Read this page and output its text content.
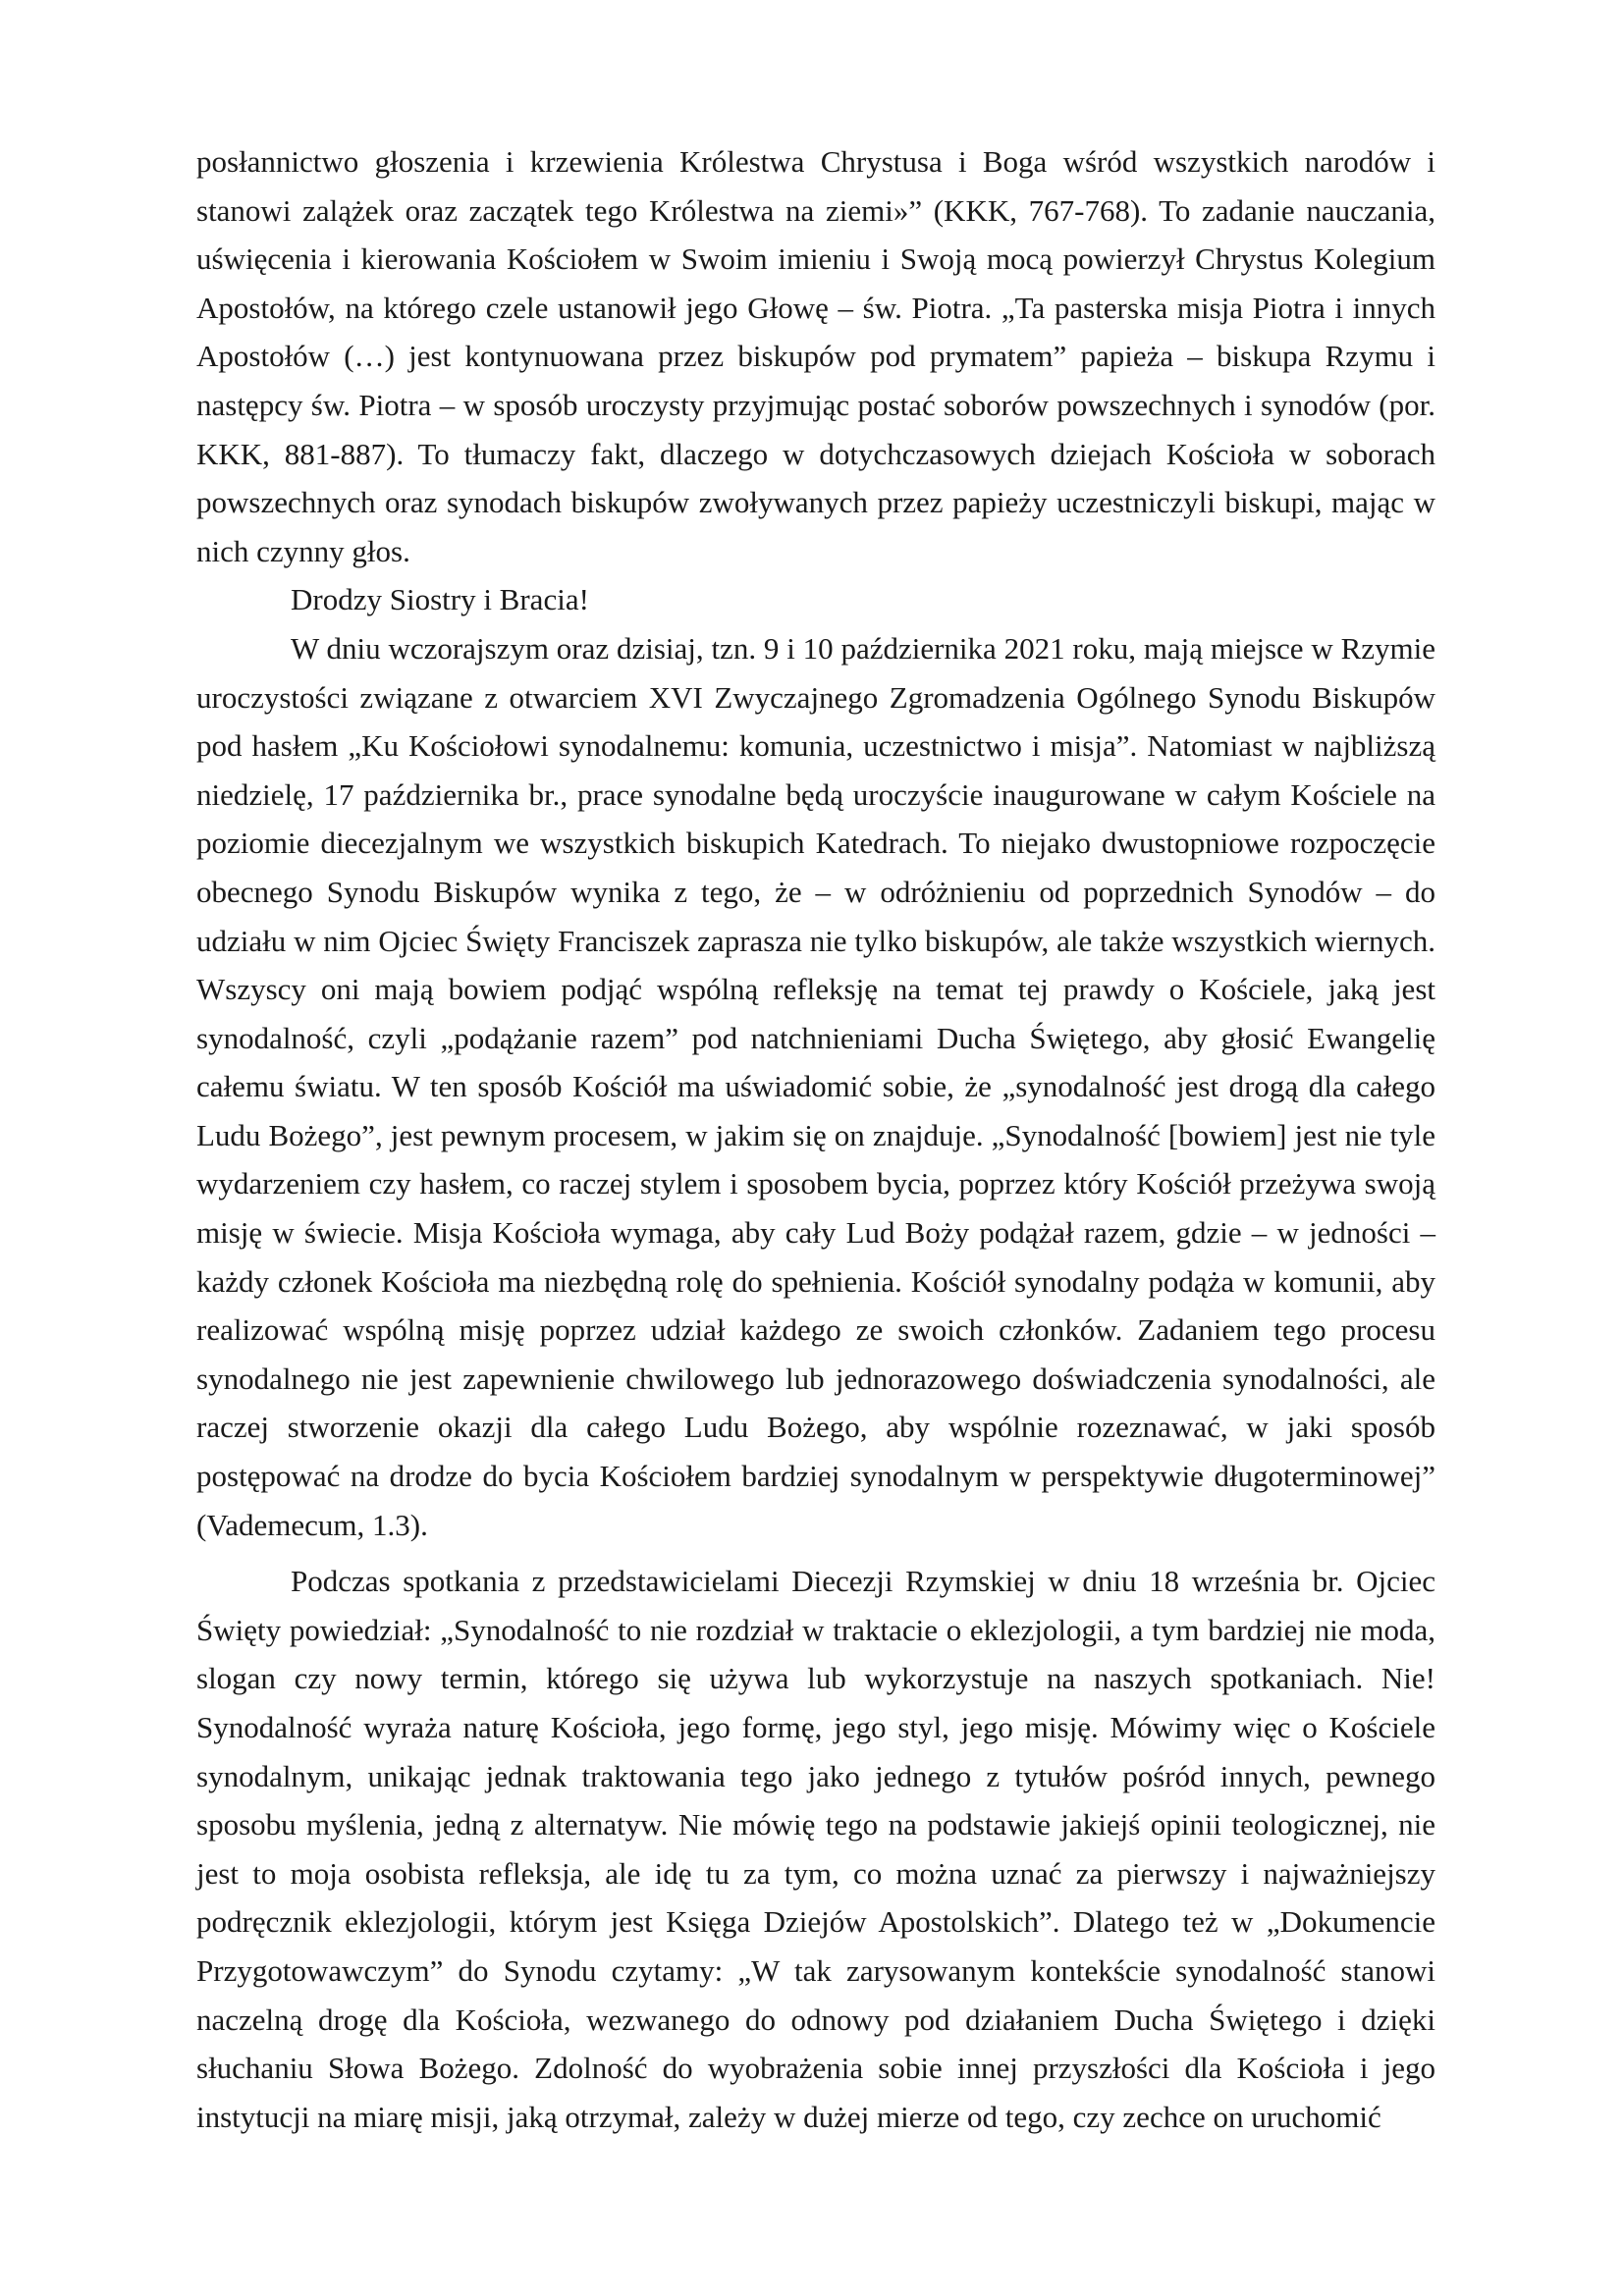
posłannictwo głoszenia i krzewienia Królestwa Chrystusa i Boga wśród wszystkich narodów i stanowi zalążek oraz zaczątek tego Królestwa na ziemi»” (KKK, 767-768). To zadanie nauczania, uświęcenia i kierowania Kościołem w Swoim imieniu i Swoją mocą powierzył Chrystus Kolegium Apostołów, na którego czele ustanowił jego Głowę – św. Piotra. „Ta pasterska misja Piotra i innych Apostołów (…) jest kontynuowana przez biskupów pod prymatem” papieża – biskupa Rzymu i następcy św. Piotra – w sposób uroczysty przyjmując postać soborów powszechnych i synodów (por. KKK, 881-887). To tłumaczy fakt, dlaczego w dotychczasowych dziejach Kościoła w soborach powszechnych oraz synodach biskupów zwoływanych przez papieży uczestniczyli biskupi, mając w nich czynny głos.

Drodzy Siostry i Bracia!

W dniu wczorajszym oraz dzisiaj, tzn. 9 i 10 października 2021 roku, mają miejsce w Rzymie uroczystości związane z otwarciem XVI Zwyczajnego Zgromadzenia Ogólnego Synodu Biskupów pod hasłem „Ku Kościołowi synodalnemu: komunia, uczestnictwo i misja”. Natomiast w najbliższą niedzielę, 17 października br., prace synodalne będą uroczyście inaugurowane w całym Kościele na poziomie diecezjalnym we wszystkich biskupich Katedrach. To niejako dwustopniowe rozpoczęcie obecnego Synodu Biskupów wynika z tego, że – w odróżnieniu od poprzednich Synodów – do udziału w nim Ojciec Święty Franciszek zaprasza nie tylko biskupów, ale także wszystkich wiernych. Wszyscy oni mają bowiem podjąć wspólną refleksję na temat tej prawdy o Kościele, jaką jest synodalność, czyli „podążanie razem” pod natchnieniami Ducha Świętego, aby głosić Ewangelię całemu światu. W ten sposób Kościół ma uświadomić sobie, że „synodalność jest drogą dla całego Ludu Bożego”, jest pewnym procesem, w jakim się on znajduje. „Synodalność [bowiem] jest nie tyle wydarzeniem czy hasłem, co raczej stylem i sposobem bycia, poprzez który Kościół przeżywa swoją misję w świecie. Misja Kościoła wymaga, aby cały Lud Boży podążał razem, gdzie – w jedności – każdy członek Kościoła ma niezbędną rolę do spełnienia. Kościół synodalny podąża w komunii, aby realizować wspólną misję poprzez udział każdego ze swoich członków. Zadaniem tego procesu synodalnego nie jest zapewnienie chwilowego lub jednorazowego doświadczenia synodalności, ale raczej stworzenie okazji dla całego Ludu Bożego, aby wspólnie rozeznawać, w jaki sposób postępować na drodze do bycia Kościołem bardziej synodalnym w perspektywie długoterminowej” (Vademecum, 1.3).

Podczas spotkania z przedstawicielami Diecezji Rzymskiej w dniu 18 września br. Ojciec Święty powiedział: „Synodalność to nie rozdział w traktacie o eklezjologii, a tym bardziej nie moda, slogan czy nowy termin, którego się używa lub wykorzystuje na naszych spotkaniach. Nie! Synodalność wyraża naturę Kościoła, jego formę, jego styl, jego misję. Mówimy więc o Kościele synodalnym, unikając jednak traktowania tego jako jednego z tytułów pośród innych, pewnego sposobu myślenia, jedną z alternatyw. Nie mówię tego na podstawie jakiejś opinii teologicznej, nie jest to moja osobista refleksja, ale idę tu za tym, co można uznać za pierwszy i najważniejszy podręcznik eklezjologii, którym jest Księga Dziejów Apostolskich”. Dlatego też w „Dokumencie Przygotowawczym” do Synodu czytamy: „W tak zarysowanym kontekście synodalność stanowi naczelną drogę dla Kościoła, wezwanego do odnowy pod działaniem Ducha Świętego i dzięki słuchaniu Słowa Bożego. Zdolność do wyobrażenia sobie innej przyszłości dla Kościoła i jego instytucji na miarę misji, jaką otrzymał, zależy w dużej mierze od tego, czy zechce on uruchomić
